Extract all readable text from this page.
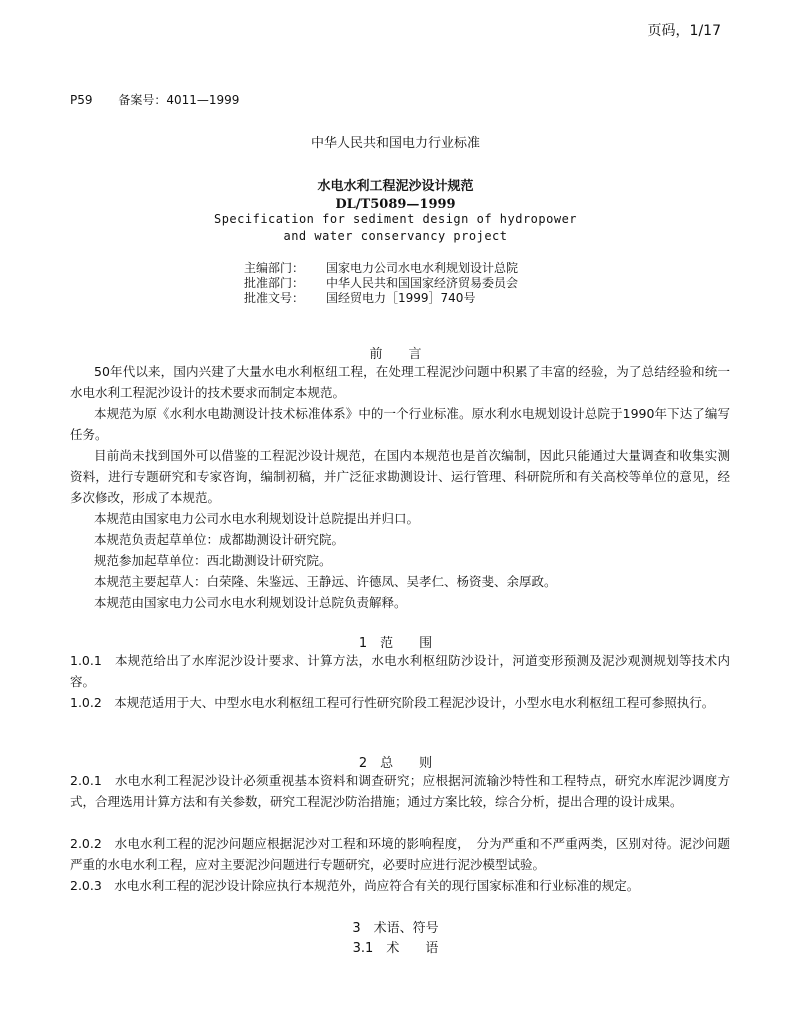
页码，1/17
P59 备案号：4011—1999
中华人民共和国电力行业标准
水电水利工程泥沙设计规范
DL/T5089—1999
Specification for sediment design of hydropower
and water conservancy project
主编部门： 国家电力公司水电水利规划设计总院
批准部门： 中华人民共和国国家经济贸易委员会
批准文号： 国经贸电力［1999］740号
前　　言
50年代以来，国内兴建了大量水电水利枢纽工程，在处理工程泥沙问题中积累了丰富的经验，为了总结经验和统一水电水利工程泥沙设计的技术要求而制定本规范。
本规范为原《水利水电勘测设计技术标准体系》中的一个行业标准。原水利水电规划设计总院于1990年下达了编写任务。
目前尚未找到国外可以借鉴的工程泥沙设计规范，在国内本规范也是首次编制，因此只能通过大量调查和收集实测资料，进行专题研究和专家咨询，编制初稿，并广泛征求勘测设计、运行管理、科研院所和有关高校等单位的意见，经多次修改，形成了本规范。
本规范由国家电力公司水电水利规划设计总院提出并归口。
本规范负责起草单位：成都勘测设计研究院。
规范参加起草单位：西北勘测设计研究院。
本规范主要起草人：白荣隆、朱鉴远、王静远、许德凤、吴孝仁、杨资斐、余厚政。
本规范由国家电力公司水电水利规划设计总院负责解释。
1　范　　围
1.0.1　本规范给出了水库泥沙设计要求、计算方法，水电水利枢纽防沙设计，河道变形预测及泥沙观测规划等技术内容。
1.0.2　本规范适用于大、中型水电水利枢纽工程可行性研究阶段工程泥沙设计，小型水电水利枢纽工程可参照执行。
2　总　　则
2.0.1　水电水利工程泥沙设计必须重视基本资料和调查研究；应根据河流输沙特性和工程特点，研究水库泥沙调度方式，合理选用计算方法和有关参数，研究工程泥沙防治措施；通过方案比较，综合分析，提出合理的设计成果。
2.0.2　水电水利工程的泥沙问题应根据泥沙对工程和环境的影响程度，　分为严重和不严重两类，区别对待。泥沙问题严重的水电水利工程，应对主要泥沙问题进行专题研究，必要时应进行泥沙模型试验。
2.0.3　水电水利工程的泥沙设计除应执行本规范外，尚应符合有关的现行国家标准和行业标准的规定。
3　术语、符号
3.1　术　　语
